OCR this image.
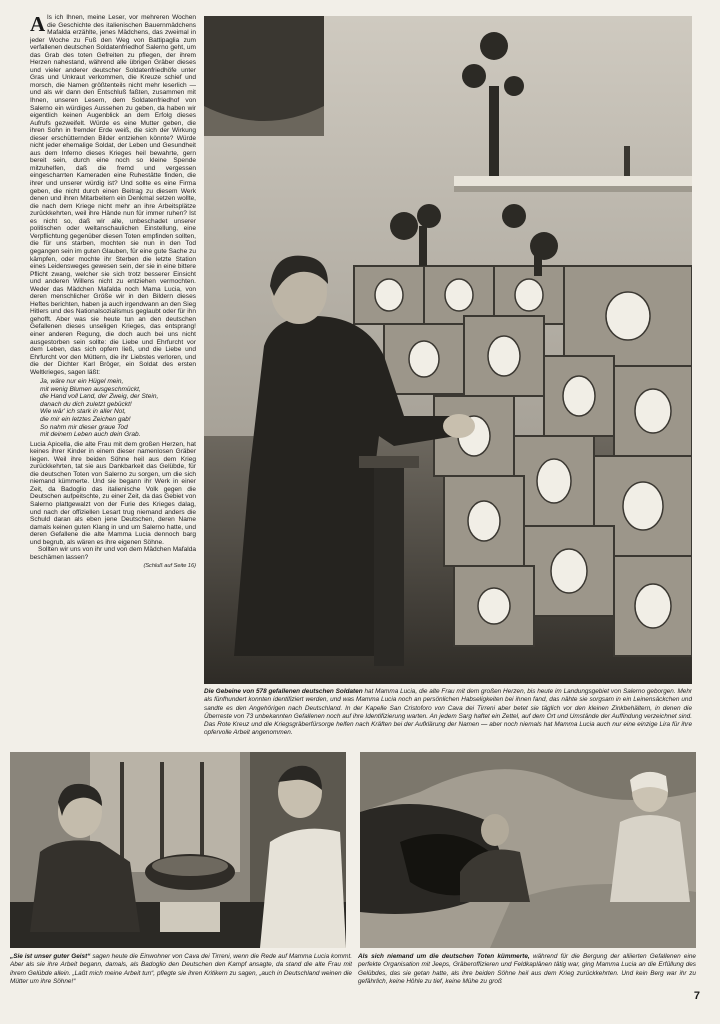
A ls ich Ihnen, meine Leser, vor mehreren Wochen die Geschichte des italienischen Bauernmädchens Mafalda erzählte, jenes Mädchens, das zweimal in jeder Woche zu Fuß den Weg von Battipaglia zum verfallenen deutschen Soldatenfriedhof Salerno geht, um das Grab des toten Gefreiten zu pflegen, der ihrem Herzen nahestand, während alle übrigen Gräber dieses und vieler anderer deutscher Soldatenfriedhöfe unter Gras und Unkraut verkommen, die Kreuze schief und morsch, die Namen größtenteils nicht mehr leserlich — und als wir dann den Entschluß faßten, zusammen mit Ihnen, unseren Lesern, dem Soldatenfriedhof von Salerno ein würdiges Aussehen zu geben, da haben wir eigentlich keinen Augenblick an dem Erfolg dieses Aufrufs gezweifelt. Würde es eine Mutter geben, die ihren Sohn in fremder Erde weiß, die sich der Wirkung dieser erschütternden Bilder entziehen könnte? Würde nicht jeder ehemalige Soldat, der Leben und Gesundheit aus dem Inferno dieses Krieges heil bewahrte, gern bereit sein, durch eine noch so kleine Spende mitzuhelfen, daß die fremd und vergessen eingescharrten Kameraden eine Ruhestätte finden, die ihrer und unserer würdig ist? Und sollte es eine Firma geben, die nicht durch einen Beitrag zu diesem Werk denen und ihren Mitarbeitern ein Denkmal setzen wollte, die nach dem Kriege nicht mehr an ihre Arbeitsplätze zurückkehrten, weil ihre Hände nun für immer ruhen? Ist es nicht so, daß wir alle, unbeschadet unserer politischen oder weltanschaulichen Einstellung, eine Verpflichtung gegenüber diesen Toten empfinden sollten, die für uns starben, mochten sie nun in den Tod gegangen sein im guten Glauben, für eine gute Sache zu kämpfen, oder mochte ihr Sterben die letzte Station eines Leidensweges gewesen sein, der sie in eine bittere Pflicht zwang, welcher sie sich trotz besserer Einsicht und anderen Willens nicht zu entziehen vermochten. Weder das Mädchen Mafalda noch Mama Lucia, von deren menschlicher Größe wir in den Bildern dieses Heftes berichten, haben ja auch irgendwann an den Sieg Hitlers und des Nationalsozialismus geglaubt oder für ihn gehofft. Aber was sie heute tun an den deutschen Gefallenen dieses unseligen Krieges, das entsprang! einer anderen Regung, die doch auch bei uns nicht ausgestorben sein sollte: die Liebe und Ehrfurcht vor dem Leben, das sich opfern ließ, und die Liebe und Ehrfurcht vor den Müttern, die ihr Liebstes verloren, und die der Dichter Karl Bröger, ein Soldat des ersten Weltkrieges, sagen läßt:

Ja, wäre nur ein Hügel mein,
mit wenig Blumen ausgeschmückt,
die Hand voll Land, der Zweig, der Stein,
danach du dich zuletzt gebückt!
Wie wär' ich stark in aller Not,
die mir ein letztes Zeichen gab!
So nahm mir dieser graue Tod
mit deinem Leben auch dein Grab.

Lucia Apicella, die alte Frau mit dem großen Herzen, hat keines ihrer Kinder in einem dieser namenlosen Gräber liegen. Weil ihre beiden Söhne heil aus dem Krieg zurückkehrten, tat sie aus Dankbarkeit das Gelübde, für die deutschen Toten von Salerno zu sorgen, um die sich niemand kümmerte. Und sie begann ihr Werk in einer Zeit, da Badoglio das italienische Volk gegen die Deutschen aufpeitschte, zu einer Zeit, da das Gebiet von Salerno plattgewalzt von der Furie des Krieges dalag, und nach der offiziellen Lesart trug niemand anders die Schuld daran als eben jene Deutschen, deren Name damals keinen guten Klang in und um Salerno hatte, und deren Gefallene die alte Mamma Lucia dennoch barg und begrub, als wären es ihre eigenen Söhne.

Sollten wir uns von ihr und von dem Mädchen Mafalda beschämen lassen?

(Schluß auf Seite 16)
Die Gebeine von 578 gefallenen deutschen Soldaten hat Mamma Lucia, die alte Frau mit dem großen Herzen, bis heute im Landungsgebiet von Salerno geborgen. Mehr als fünfhundert konnten identifiziert werden, und was Mamma Lucia noch an persönlichen Habseligkeiten bei ihnen fand, das nähte sie sorgsam in ein Leinensäckchen und sandte es den Angehörigen nach Deutschland. In der Kapelle San Cristoforo von Cava dei Tirreni aber betet sie täglich vor den kleinen Zinkbehältern, in denen die Überreste von 73 unbekannten Gefallenen noch auf ihre Identifizierung warten. An jedem Sarg haftet ein Zettel, auf dem Ort und Umstände der Auffindung verzeichnet sind. Das Rote Kreuz und die Kriegsgräberfürsorge helfen nach Kräften bei der Aufklärung der Namen — aber noch niemals hat Mamma Lucia auch nur eine einzige Lira für ihre opfervolle Arbeit angenommen.
„Sie ist unser guter Geist“ sagen heute die Einwohner von Cava dei Tirreni, wenn die Rede auf Mamma Lucia kommt. Aber als sie ihre Arbeit begann, damals, als Badoglio den Deutschen den Kampf ansagte, da stand die alte Frau mit ihrem Gelübde allein. „Laßt mich meine Arbeit tun“, pflegte sie ihren Kritikern zu sagen, „auch in Deutschland weinen die Mütter um ihre Söhne!“
Als sich niemand um die deutschen Toten kümmerte, während für die Bergung der alliierten Gefallenen eine perfekte Organisation mit Jeeps, Gräberoffizieren und Feldkaplänen tätig war, ging Mamma Lucia an die Erfüllung des Gelübdes, das sie getan hatte, als ihre beiden Söhne heil aus dem Krieg zurückkehrten. Und kein Berg war ihr zu gefährlich, keine Höhle zu tief, keine Mühe zu groß
7
